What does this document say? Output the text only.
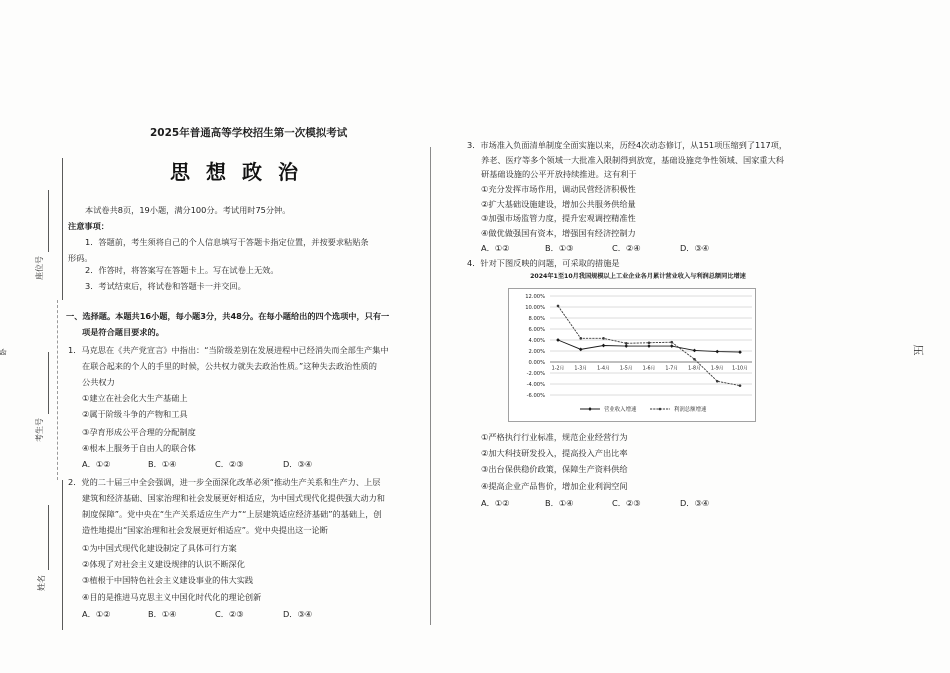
座位号
考生号
姓名
卧
2025年普通高等学校招生第一次模拟考试
思想政治
本试卷共8页，19小题，满分100分。考试用时75分钟。
注意事项：
1．答题前，考生须将自己的个人信息填写于答题卡指定位置，并按要求粘贴条
形码。
2．作答时，将答案写在答题卡上。写在试卷上无效。
3．考试结束后，将试卷和答题卡一并交回。
一、选择题。本题共16小题，每小题3分，共48分。在每小题给出的四个选项中，只有一
项是符合题目要求的。
1．马克思在《共产党宣言》中指出：“当阶级差别在发展进程中已经消失而全部生产集中
在联合起来的个人的手里的时候，公共权力就失去政治性质。”这种失去政治性质的
公共权力
①建立在社会化大生产基础上
②属于阶级斗争的产物和工具
③孕育形成公平合理的分配制度
④根本上服务于自由人的联合体
A．①②	B．①④	C．②③	D．③④
2．党的二十届三中全会强调，进一步全面深化改革必须“推动生产关系和生产力、上层
建筑和经济基础、国家治理和社会发展更好相适应，为中国式现代化提供强大动力和
制度保障”。党中央在“生产关系适应生产力”“上层建筑适应经济基础”的基础上，创
造性地提出“国家治理和社会发展更好相适应”。党中央提出这一论断
①为中国式现代化建设制定了具体可行方案
②体现了对社会主义建设规律的认识不断深化
③植根于中国特色社会主义建设事业的伟大实践
④目的是推进马克思主义中国化时代化的理论创新
A．①②	B．①④	C．②③	D．③④
3．市场准入负面清单制度全面实施以来，历经4次动态修订，从151项压缩到了117项，
养老、医疗等多个领域一大批准入限制得到放宽，基础设施竞争性领域、国家重大科
研基础设施的公平开放持续推进。这有利于
①充分发挥市场作用，调动民营经济积极性
②扩大基础设施建设，增加公共服务供给量
③加强市场监管力度，提升宏观调控精准性
④做优做强国有资本，增强国有经济控制力
A．①②	B．①③	C．②④	D．③④
4．针对下图反映的问题，可采取的措施是
2024年1至10月我国规模以上工业企业各月累计营业收入与利润总额同比增速
12.00%
10.00%
8.00%
6.00%
4.00%
2.00%
0.00%
-2.00%
-4.00%
-6.00%
1-2月 1-3月 1-4月 1-5月 1-6月 1-7月 1-8月 1-9月 1-10月
营业收入增速	利润总额增速
①严格执行行业标准，规范企业经营行为
②加大科技研发投入，提高投入产出比率
③出台保供稳价政策，保障生产资料供给
④提高企业产品售价，增加企业利润空间
A．①②	B．①④	C．②③	D．③④
压
